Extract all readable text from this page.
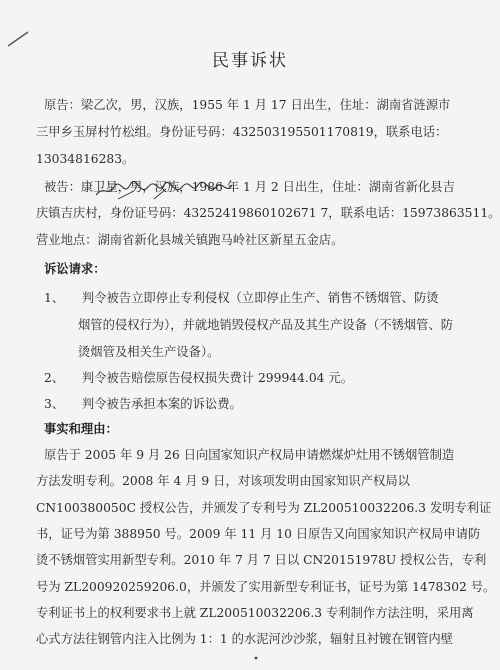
民事诉状
原告：梁乙次，男，汉族，1955 年 1 月 17 日出生，住址：湖南省涟源市
三甲乡玉屏村竹松组。身份证号码：432503195501170819，联系电话：
13034816283。
被告：康卫星，男，汉族，1986 年 1 月 2 日出生，住址：湖南省新化县吉
庆镇吉庆村，身份证号码：43252419860102671 7，联系电话：15973863511。
营业地点：湖南省新化县城关镇跑马岭社区新星五金店。
诉讼请求：
1、 判令被告立即停止专利侵权（立即停止生产、销售不锈烟管、防烫
烟管的侵权行为），并就地销毁侵权产品及其生产设备（不锈烟管、防
烫烟管及相关生产设备）。
2、 判令被告赔偿原告侵权损失费计 299944.04 元。
3、 判令被告承担本案的诉讼费。
事实和理由：
原告于 2005 年 9 月 26 日向国家知识产权局申请燃煤炉灶用不锈烟管制造
方法发明专利。2008 年 4 月 9 日，对该项发明由国家知识产权局以
CN100380050C 授权公告，并颁发了专利号为 ZL200510032206.3 发明专利证
书，证号为第 388950 号。2009 年 11 月 10 日原告又向国家知识产权局申请防
烫不锈烟管实用新型专利。2010 年 7 月 7 日以 CN20151978U 授权公告，专利
号为 ZL200920259206.0，并颁发了实用新型专利证书，证号为第 1478302 号。
专利证书上的权利要求书上就 ZL200510032206.3 专利制作方法注明，采用离
心式方法往钢管内注入比例为 1：1 的水泥河沙沙浆，辐射且衬镀在钢管内壁
